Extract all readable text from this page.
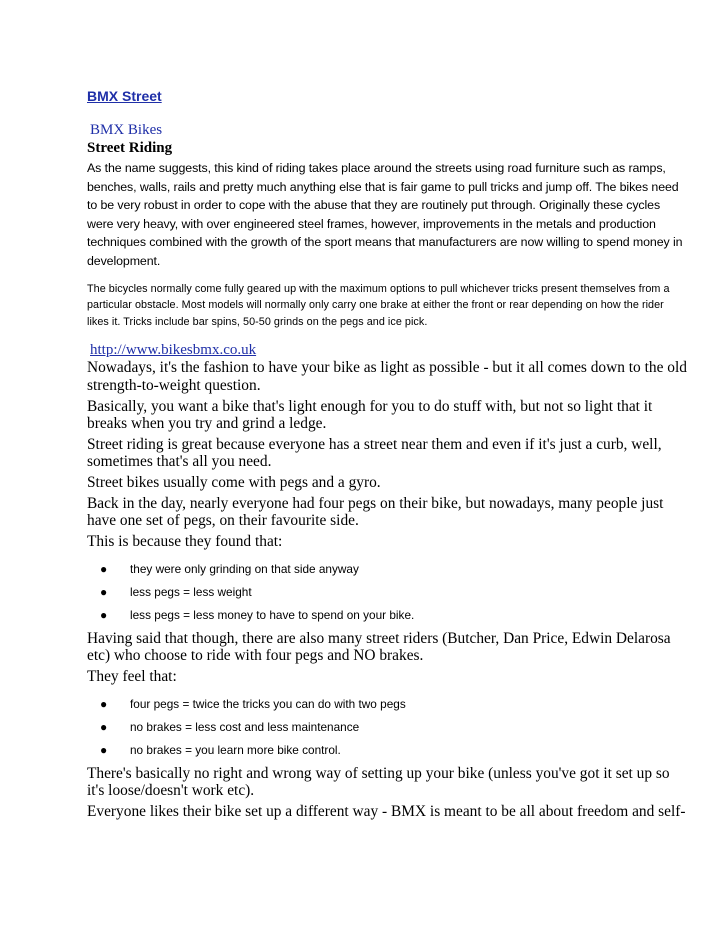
BMX Street
BMX Bikes
Street Riding

As the name suggests, this kind of riding takes place around the streets using road furniture such as ramps, benches, walls, rails and pretty much anything else that is fair game to pull tricks and jump off. The bikes need to be very robust in order to cope with the abuse that they are routinely put through. Originally these cycles were very heavy, with over engineered steel frames, however, improvements in the metals and production techniques combined with the growth of the sport means that manufacturers are now willing to spend money in development.

The bicycles normally come fully geared up with the maximum options to pull whichever tricks present themselves from a particular obstacle. Most models will normally only carry one brake at either the front or rear depending on how the rider likes it. Tricks include bar spins, 50-50 grinds on the pegs and ice pick.

http://www.bikesbmx.co.uk

Nowadays, it's the fashion to have your bike as light as possible - but it all comes down to the old strength-to-weight question.

Basically, you want a bike that's light enough for you to do stuff with, but not so light that it breaks when you try and grind a ledge.

Street riding is great because everyone has a street near them and even if it's just a curb, well, sometimes that's all you need.

Street bikes usually come with pegs and a gyro.

Back in the day, nearly everyone had four pegs on their bike, but nowadays, many people just have one set of pegs, on their favourite side.

This is because they found that:

● they were only grinding on that side anyway
● less pegs = less weight
● less pegs = less money to have to spend on your bike.

Having said that though, there are also many street riders (Butcher, Dan Price, Edwin Delarosa etc) who choose to ride with four pegs and NO brakes.

They feel that:

● four pegs = twice the tricks you can do with two pegs
● no brakes = less cost and less maintenance
● no brakes = you learn more bike control.

There's basically no right and wrong way of setting up your bike (unless you've got it set up so it's loose/doesn't work etc).

Everyone likes their bike set up a different way - BMX is meant to be all about freedom and self-
